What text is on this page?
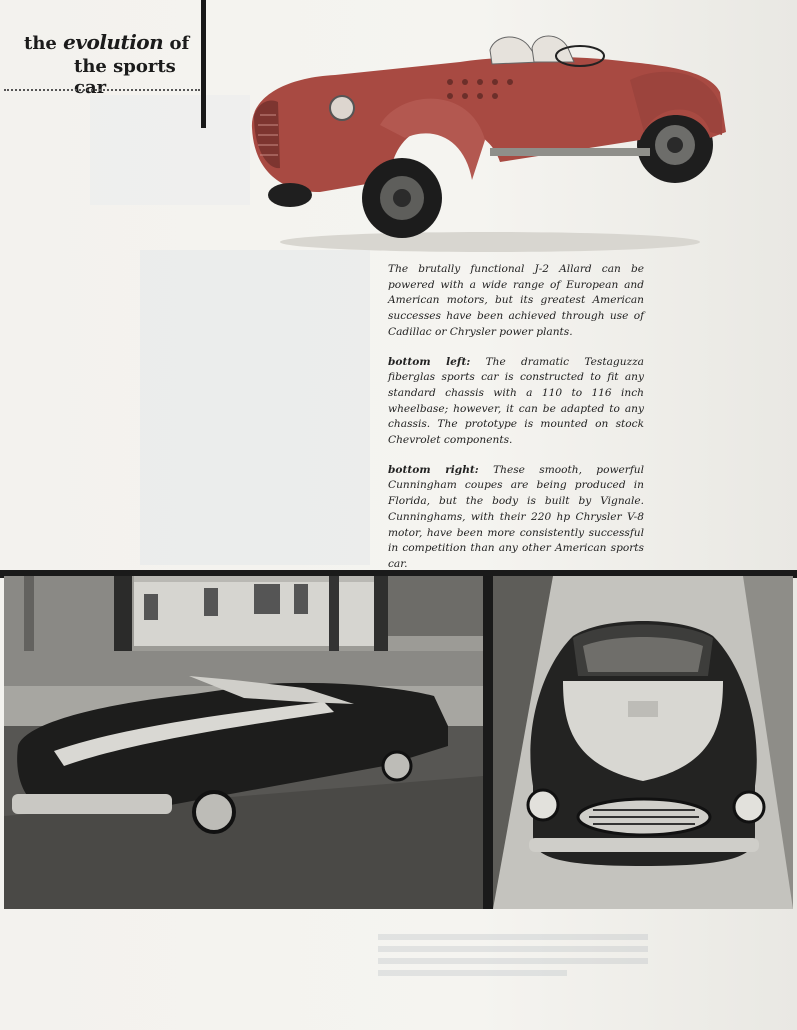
the evolution of
the sports car

The brutally functional J-2 Allard can be powered with a wide range of European and American motors, but its greatest American successes have been achieved through use of Cadillac or Chrysler power plants.

bottom left: The dramatic Testaguzza fiberglas sports car is constructed to fit any standard chassis with a 110 to 116 inch wheelbase; however, it can be adapted to any chassis. The prototype is mounted on stock Chevrolet components.

bottom right: These smooth, powerful Cunningham coupes are being produced in Florida, but the body is built by Vignale. Cunninghams, with their 220 hp Chrysler V-8 motor, have been more consistently successful in competition than any other American sports car.
